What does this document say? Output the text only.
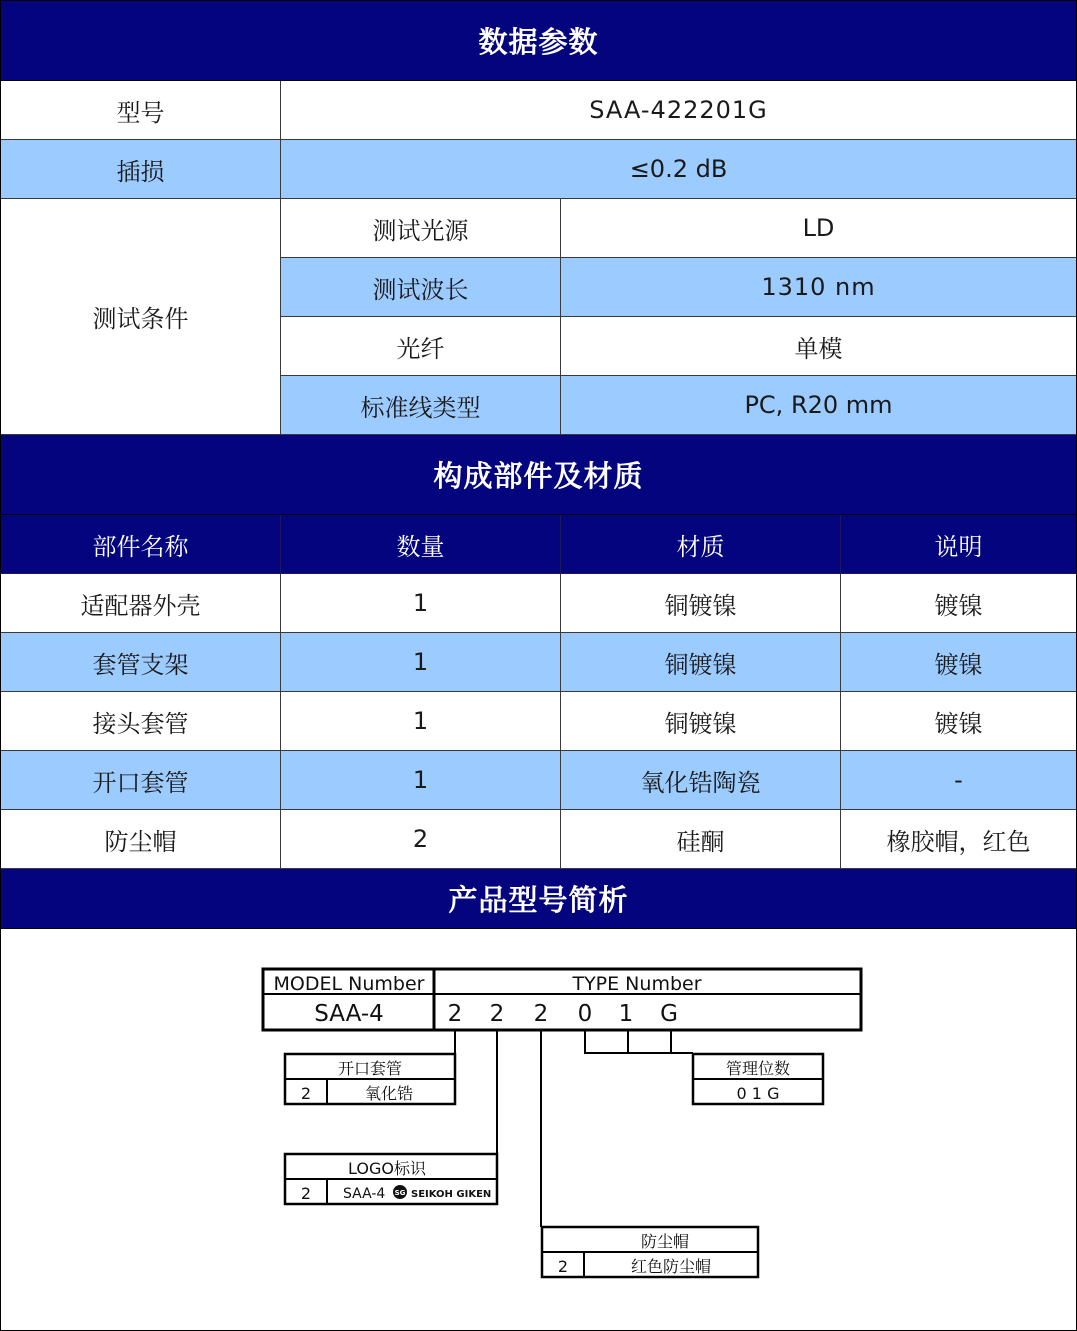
数据参数
型号	SAA-422201G
插损	≤0.2 dB
测试条件
测试光源	LD
测试波长	1310 nm
光纤	单模
标准线类型	PC, R20 mm
构成部件及材质
部件名称	数量	材质	说明
适配器外壳	1	铜镀镍	镀镍
套管支架	1	铜镀镍	镀镍
接头套管	1	铜镀镍	镀镍
开口套管	1	氧化锆陶瓷	-
防尘帽	2	硅酮	橡胶帽，红色
产品型号简析
MODEL Number	TYPE Number
SAA-4	2 2 2 0 1 G
开口套管
2	氧化锆
管理位数
0 1 G
LOGO标识
2 SAA-4 SG SEIKOH GIKEN
防尘帽
2	红色防尘帽
